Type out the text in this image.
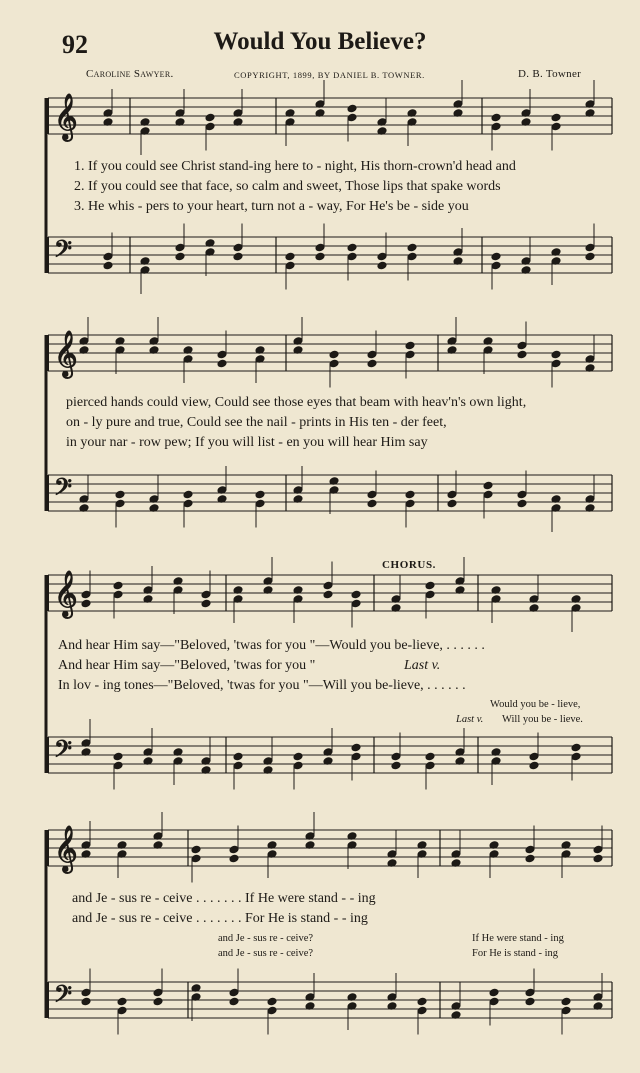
92	Would You Believe?
Caroline Sawyer.	COPYRIGHT, 1899, BY DANIEL B. TOWNER.	D. B. Towner
𝄞
𝄢
𝄞
𝄢
𝄞
𝄢
𝄞
𝄢
1. If you could see Christ stand-ing here to - night, His thorn-crown'd head and
2. If you could see that face, so calm and sweet, Those lips that spake words
3. He whis - pers to your heart, turn not a - way, For He's be - side you
pierced hands could view, Could see those eyes that beam with heav'n's own light,
on - ly pure and true, Could see the nail - prints in His ten - der feet,
in your nar - row pew; If you will list - en you will hear Him say
CHORUS.
And hear Him say—"Beloved, 'twas for you "—Would you be-lieve, . . . . . .
And hear Him say—"Beloved, 'twas for you "	Last v.
In lov - ing tones—"Beloved, 'twas for you "—Will you be-lieve, . . . . . .
Would you be - lieve,
Last v. Will you be - lieve.
and Je - sus re - ceive . . . . . . . If He were stand - - ing
and Je - sus re - ceive . . . . . . . For He is stand - - ing
and Je - sus re - ceive?	If He were stand - ing
and Je - sus re - ceive?	For He is stand - ing
